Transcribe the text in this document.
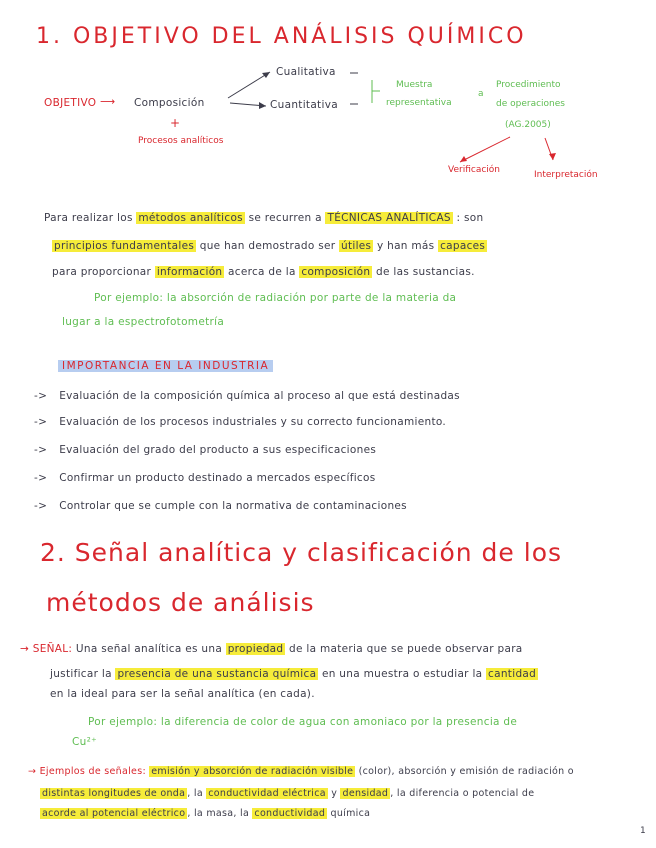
1. OBJETIVO DEL ANÁLISIS QUÍMICO
OBJETIVO ⟶ Composición
+
Procesos analíticos
Cualitativa
Cuantitativa
Muestra
representativa
a
Procedimiento
de operaciones
(AG.2005)
Verificación	Interpretación
Para realizar los métodos analíticos se recurren a TÉCNICAS ANALÍTICAS : son
principios fundamentales que han demostrado ser útiles y han más capaces
para proporcionar información acerca de la composición de las sustancias.
Por ejemplo: la absorción de radiación por parte de la materia da
lugar a la espectrofotometría
IMPORTANCIA EN LA INDUSTRIA
-> Evaluación de la composición química al proceso al que está destinadas
-> Evaluación de los procesos industriales y su correcto funcionamiento.
-> Evaluación del grado del producto a sus especificaciones
-> Confirmar un producto destinado a mercados específicos
-> Controlar que se cumple con la normativa de contaminaciones
2. Señal analítica y clasificación de los
métodos de análisis
→ SEÑAL: Una señal analítica es una propiedad de la materia que se puede observar para
justificar la presencia de una sustancia química en una muestra o estudiar la cantidad
en la ideal para ser la señal analítica (en cada).
Por ejemplo: la diferencia de color de agua con amoniaco por la presencia de
Cu²⁺
→ Ejemplos de señales: emisión y absorción de radiación visible (color), absorción y emisión de radiación o
distintas longitudes de onda , la conductividad eléctrica y densidad , la diferencia o potencial de
acorde al potencial eléctrico , la masa, la conductividad química
1
